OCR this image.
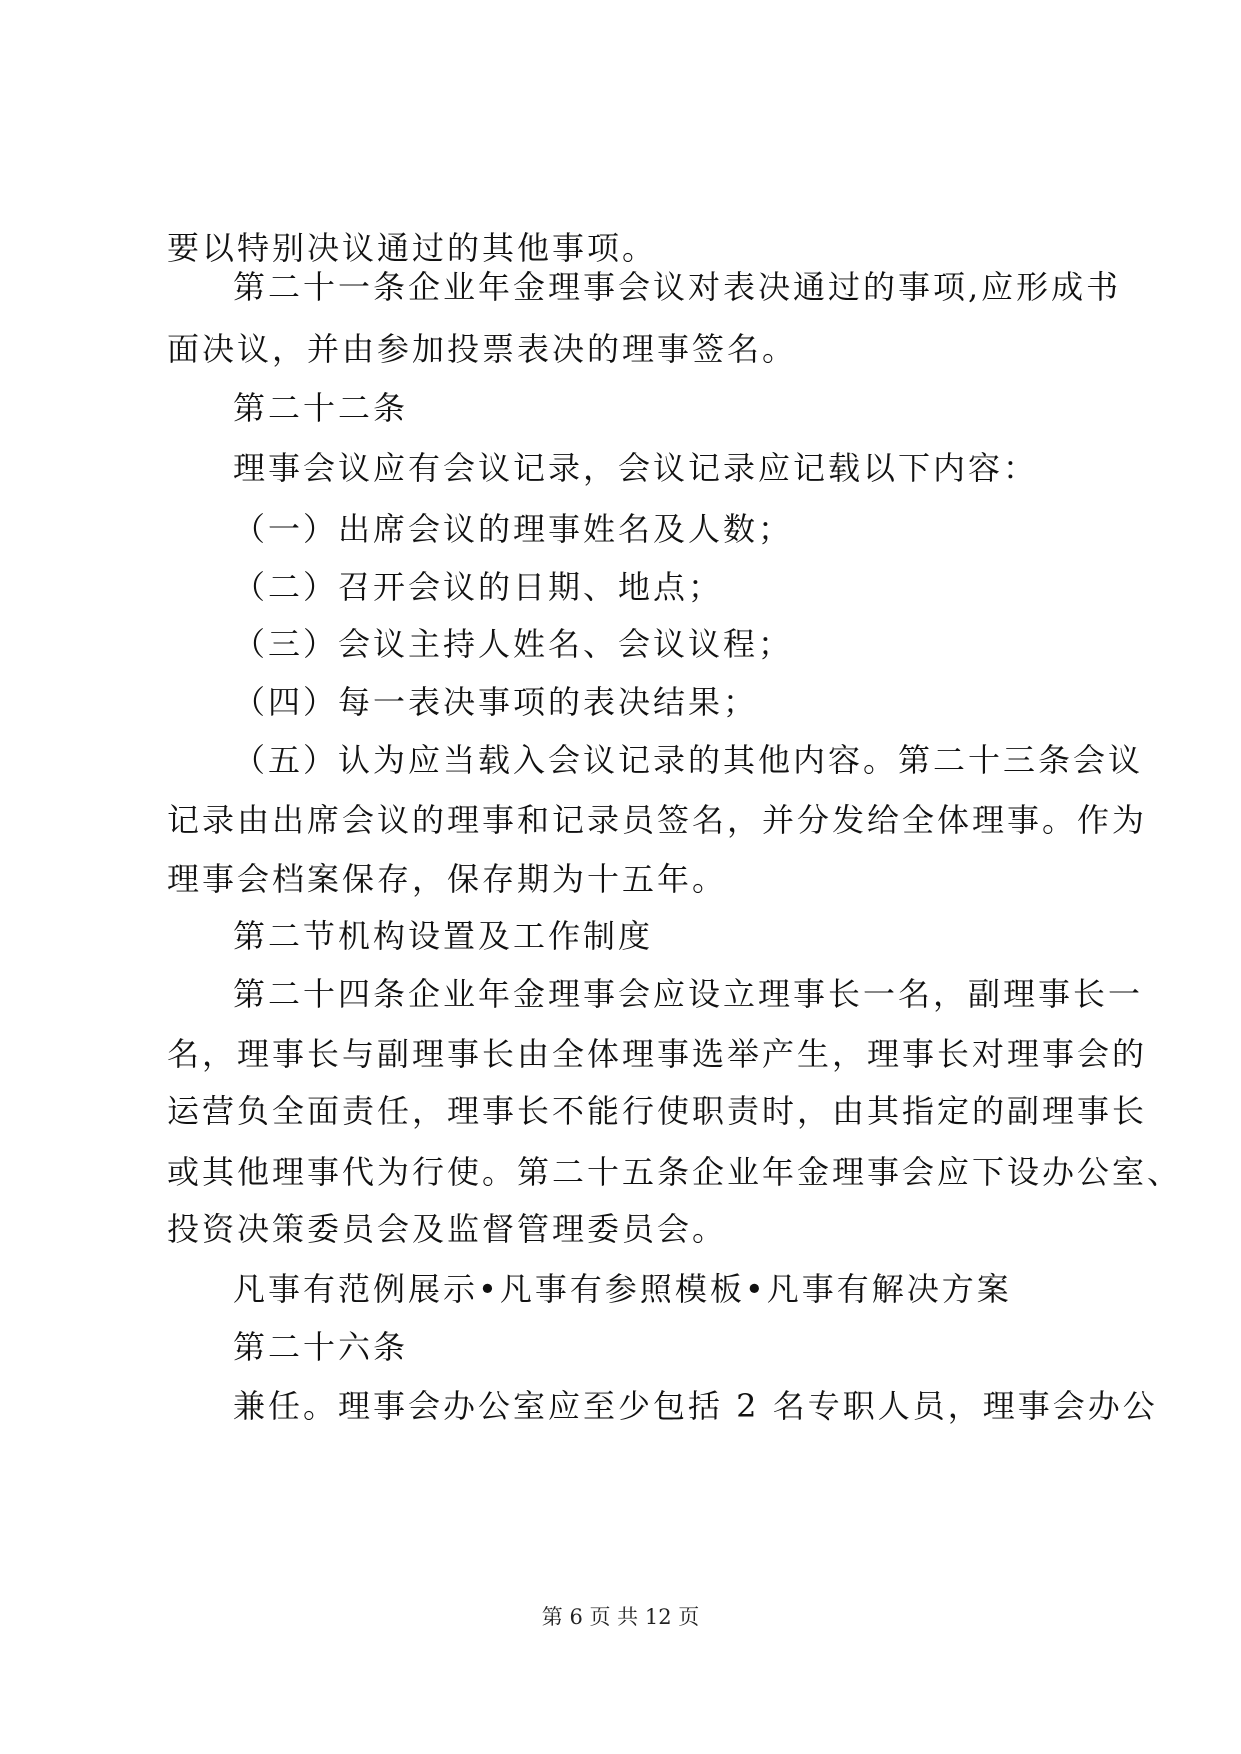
要以特别决议通过的其他事项。
第二十一条企业年金理事会议对表决通过的事项,应形成书
面决议，并由参加投票表决的理事签名。
第二十二条
理事会议应有会议记录，会议记录应记载以下内容：
（一）出席会议的理事姓名及人数；
（二）召开会议的日期、地点；
（三）会议主持人姓名、会议议程；
（四）每一表决事项的表决结果；
（五）认为应当载入会议记录的其他内容。第二十三条会议
记录由出席会议的理事和记录员签名，并分发给全体理事。作为
理事会档案保存，保存期为十五年。
第二节机构设置及工作制度
第二十四条企业年金理事会应设立理事长一名，副理事长一
名，理事长与副理事长由全体理事选举产生，理事长对理事会的
运营负全面责任，理事长不能行使职责时，由其指定的副理事长
或其他理事代为行使。第二十五条企业年金理事会应下设办公室、
投资决策委员会及监督管理委员会。
凡事有范例展示•凡事有参照模板•凡事有解决方案
第二十六条
兼任。理事会办公室应至少包括 2 名专职人员，理事会办公
第 6 页 共 12 页
